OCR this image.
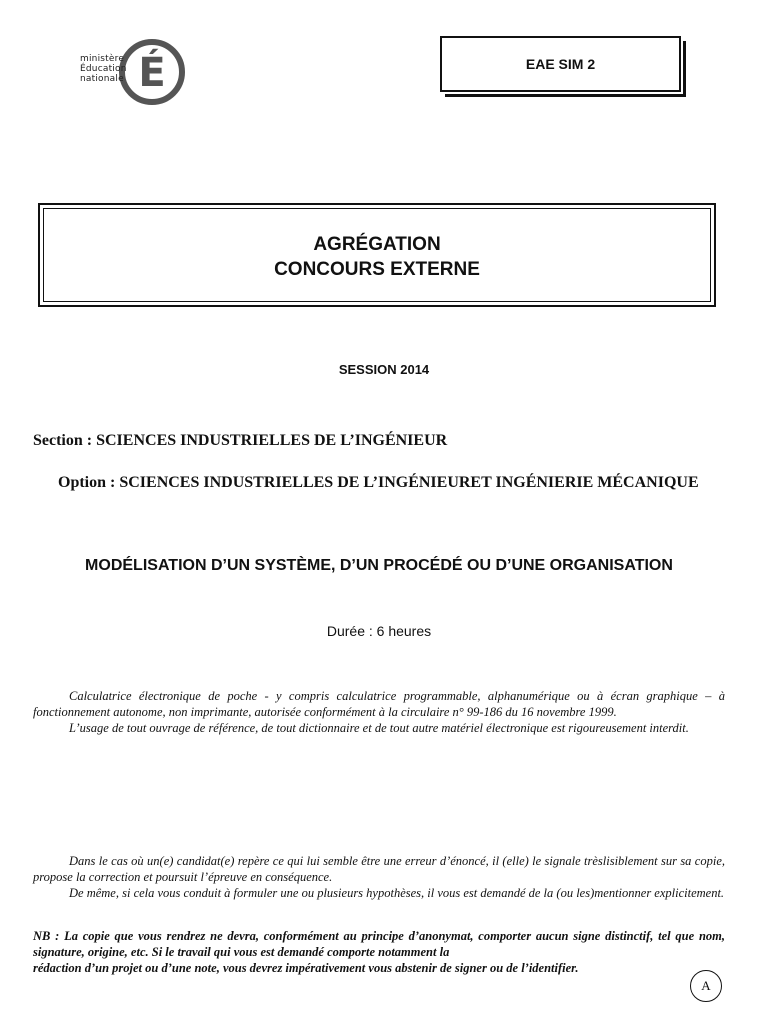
É
ministère
Éducation
nationale
EAE SIM 2
AGRÉGATION
CONCOURS EXTERNE
SESSION 2014
Section : SCIENCES INDUSTRIELLES DE L’INGÉNIEUR
Option : SCIENCES INDUSTRIELLES DE L’INGÉNIEURET INGÉNIERIE MÉCANIQUE
MODÉLISATION D’UN SYSTÈME, D’UN PROCÉDÉ OU D’UNE ORGANISATION
Durée : 6 heures
Calculatrice électronique de poche - y compris calculatrice programmable, alphanumérique ou à écran graphique – à fonctionnement autonome, non imprimante, autorisée conformément à la circulaire n° 99-186 du 16 novembre 1999.
L’usage de tout ouvrage de référence, de tout dictionnaire et de tout autre matériel électronique est rigoureusement interdit.
Dans le cas où un(e) candidat(e) repère ce qui lui semble être une erreur d’énoncé, il (elle) le signale trèslisiblement sur sa copie, propose la correction et poursuit l’épreuve en conséquence.
De même, si cela vous conduit à formuler une ou plusieurs hypothèses, il vous est demandé de la (ou les)mentionner explicitement.
NB : La copie que vous rendrez ne devra, conformément au principe d’anonymat, comporter aucun signe distinctif, tel que nom, signature, origine, etc. Si le travail qui vous est demandé comporte notamment la
rédaction d’un projet ou d’une note, vous devrez impérativement vous abstenir de signer ou de l’identifier.
A
